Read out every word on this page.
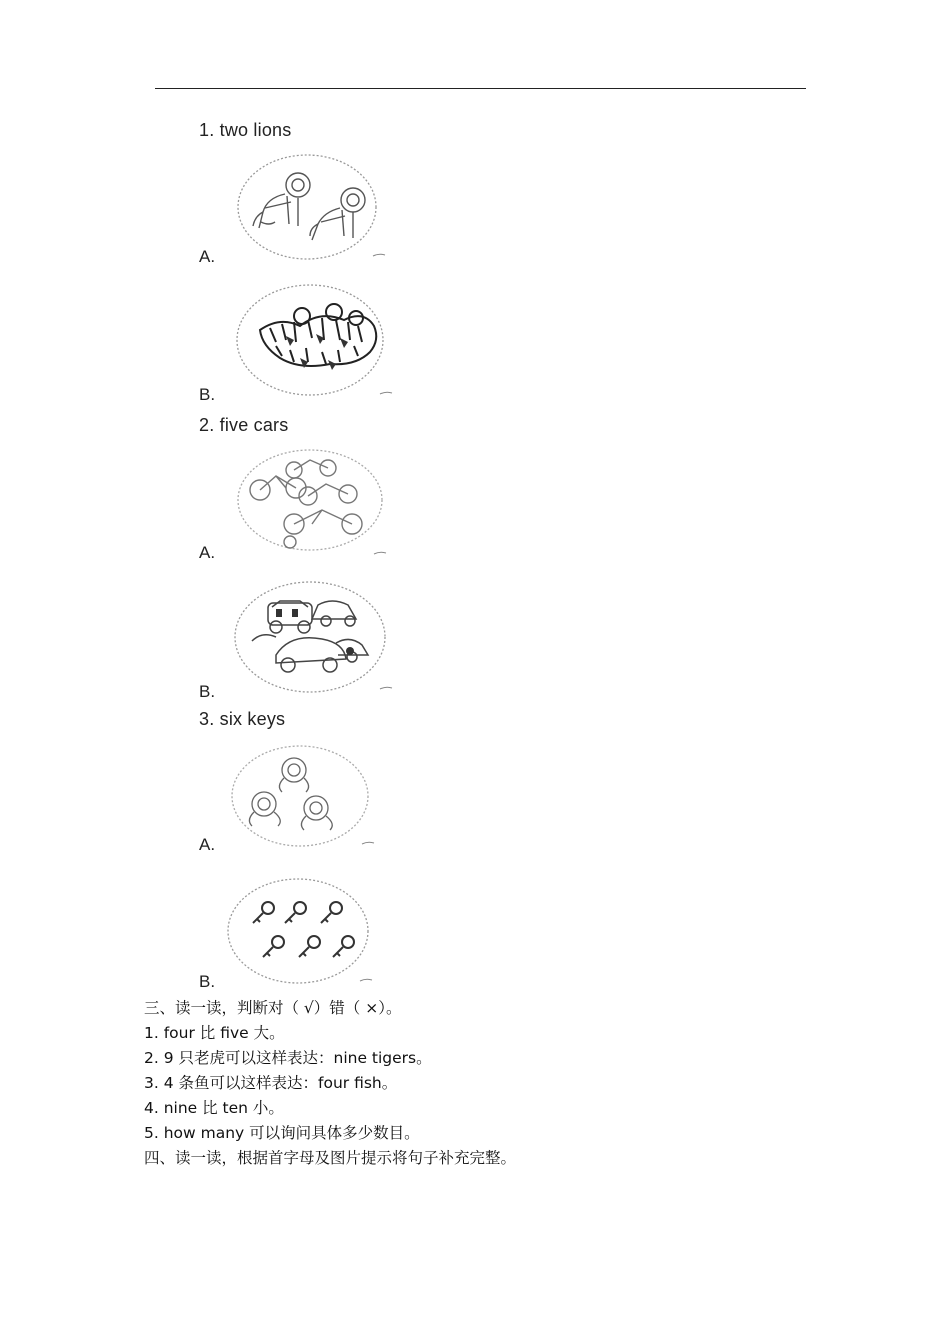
1. two lions
A.
B.
2. five cars
A.
B.
3. six keys
A.
B.
三、读一读，判断对（ √）错（ ×）。
1. four 比 five 大。
2. 9 只老虎可以这样表达：nine tigers。
3. 4 条鱼可以这样表达：four fish。
4. nine 比 ten 小。
5. how many 可以询问具体多少数目。
四、读一读，根据首字母及图片提示将句子补充完整。
